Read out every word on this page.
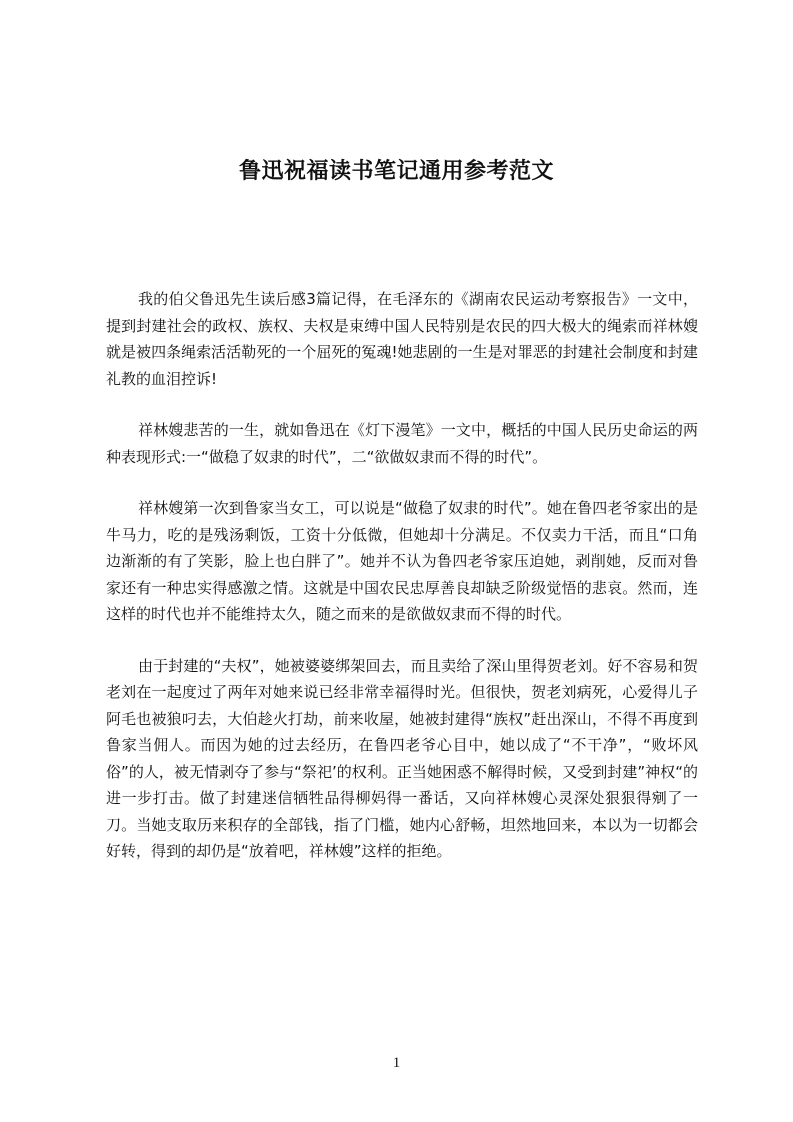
鲁迅祝福读书笔记通用参考范文

我的伯父鲁迅先生读后感3篇记得，在毛泽东的《湖南农民运动考察报告》一文中，提到封建社会的政权、族权、夫权是束缚中国人民特别是农民的四大极大的绳索而祥林嫂就是被四条绳索活活勒死的一个屈死的冤魂!她悲剧的一生是对罪恶的封建社会制度和封建礼教的血泪控诉!

祥林嫂悲苦的一生，就如鲁迅在《灯下漫笔》一文中，概括的中国人民历史命运的两种表现形式:一“做稳了奴隶的时代”，二“欲做奴隶而不得的时代”。

祥林嫂第一次到鲁家当女工，可以说是“做稳了奴隶的时代”。她在鲁四老爷家出的是牛马力，吃的是残汤剩饭，工资十分低微，但她却十分满足。不仅卖力干活，而且“口角边渐渐的有了笑影，脸上也白胖了”。她并不认为鲁四老爷家压迫她，剥削她，反而对鲁家还有一种忠实得感激之情。这就是中国农民忠厚善良却缺乏阶级觉悟的悲哀。然而，连这样的时代也并不能维持太久，随之而来的是欲做奴隶而不得的时代。

由于封建的“夫权”，她被婆婆绑架回去，而且卖给了深山里得贺老刘。好不容易和贺老刘在一起度过了两年对她来说已经非常幸福得时光。但很快，贺老刘病死，心爱得儿子阿毛也被狼叼去，大伯趁火打劫，前来收屋，她被封建得“族权”赶出深山，不得不再度到鲁家当佣人。而因为她的过去经历，在鲁四老爷心目中，她以成了“不干净”，“败坏风俗”的人，被无情剥夺了参与“祭祀’的权利。正当她困惑不解得时候，又受到封建”神权“的进一步打击。做了封建迷信牺牲品得柳妈得一番话，又向祥林嫂心灵深处狠狠得剜了一刀。当她支取历来积存的全部钱，指了门槛，她内心舒畅，坦然地回来，本以为一切都会好转，得到的却仍是“放着吧，祥林嫂”这样的拒绝。

1
